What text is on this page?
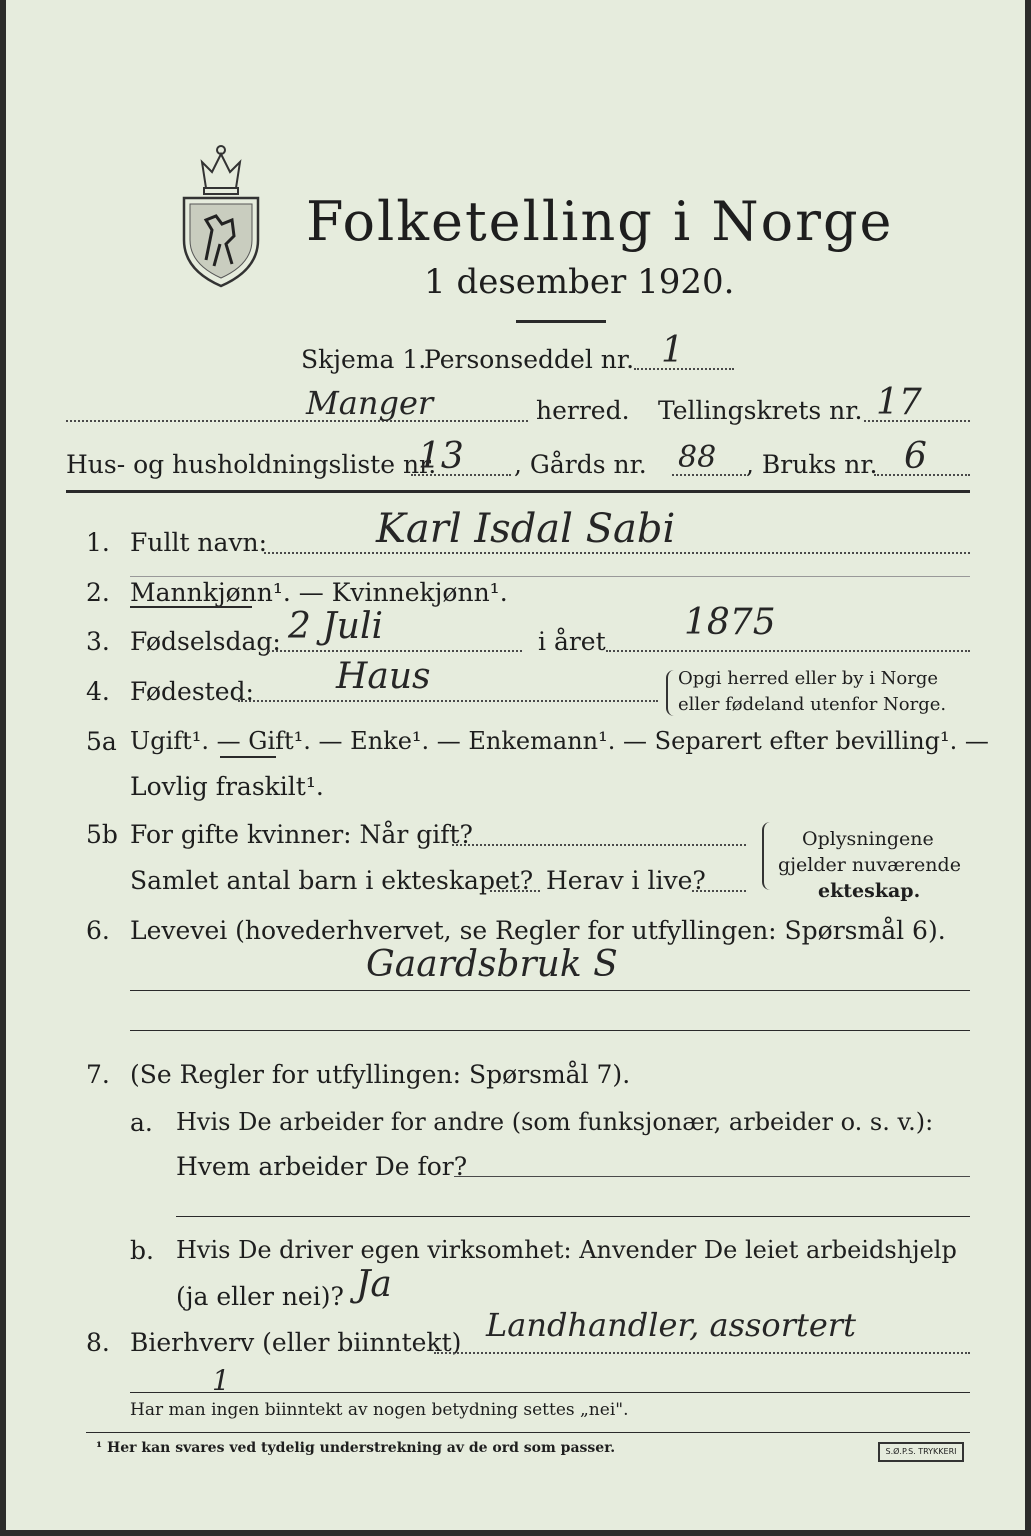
Folketelling i Norge
1 desember 1920.
Skjema 1.
Personseddel nr. 1
Manger	herred. Tellingskrets nr. 17
Hus- og husholdningsliste nr.
13 , Gårds nr. 88 , Bruks nr. 6
1. Fullt navn:	Karl Isdal Sabi
2. Mannkjønn¹. — Kvinnekjønn¹.
3. Fødselsdag: 2 Juli	i året 1875
4. Fødested: Haus	Opgi herred eller by i Norge
eller fødeland utenfor Norge.
5a Ugift¹. — Gift¹. — Enke¹. — Enkemann¹. — Separert efter bevilling¹. —
Lovlig fraskilt¹.
5b For gifte kvinner: Når gift?
Samlet antal barn i ekteskapet? Herav i live?
Oplysningene
gjelder nuværende
ekteskap.
6. Levevei (hovederhvervet, se Regler for utfyllingen: Spørsmål 6).
Gaardsbruk S
7. (Se Regler for utfyllingen: Spørsmål 7).
a. Hvis De arbeider for andre (som funksjonær, arbeider o. s. v.):
Hvem arbeider De for?
b. Hvis De driver egen virksomhet: Anvender De leiet arbeidshjelp
(ja eller nei)? Ja
8. Bierhverv (eller biinntekt) Landhandler, assortert
1
Har man ingen biinntekt av nogen betydning settes „nei".
¹ Her kan svares ved tydelig understrekning av de ord som passer.	S.Ø.P.S. TRYKKERI
